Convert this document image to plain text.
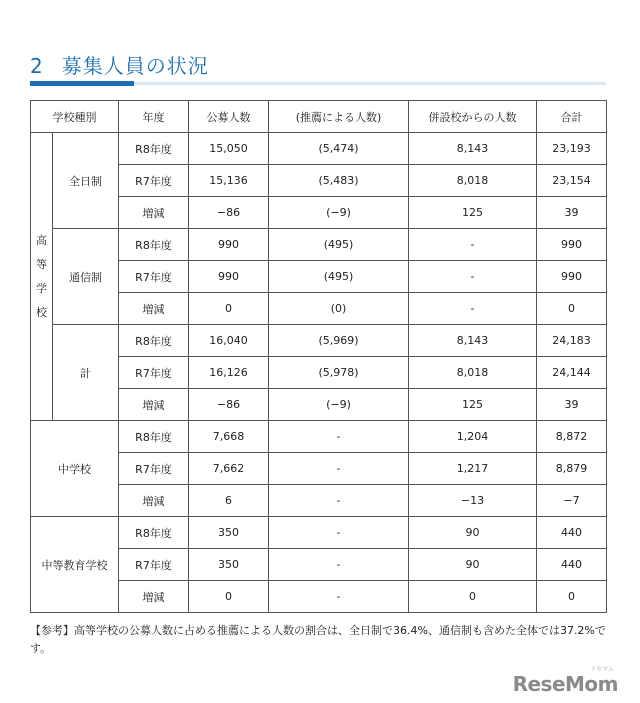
2 募集人員の状況
学校種別		年度	公募人数	(推薦による人数)	併設校からの人数	合計

高
等
学
校	全日制	R8年度	15,050	(5,474)	8,143	23,193
		R7年度	15,136	(5,483)	8,018	23,154
		増減	−86	(−9)	125	39
	通信制	R8年度	990	(495)	-	990
		R7年度	990	(495)	-	990
		増減	0	(0)	-	0
	計	R8年度	16,040	(5,969)	8,143	24,183
		R7年度	16,126	(5,978)	8,018	24,144
		増減	−86	(−9)	125	39
中学校		R8年度	7,668	-	1,204	8,872
		R7年度	7,662	-	1,217	8,879
		増減	6	-	−13	−7
中等教育学校		R8年度	350	-	90	440
		R7年度	350	-	90	440
		増減	0	-	0	0
【参考】高等学校の公募人数に占める推薦による人数の割合は、全日制で36.4%、通信制も含めた全体では37.2%です。
リセマム
ReseMom
